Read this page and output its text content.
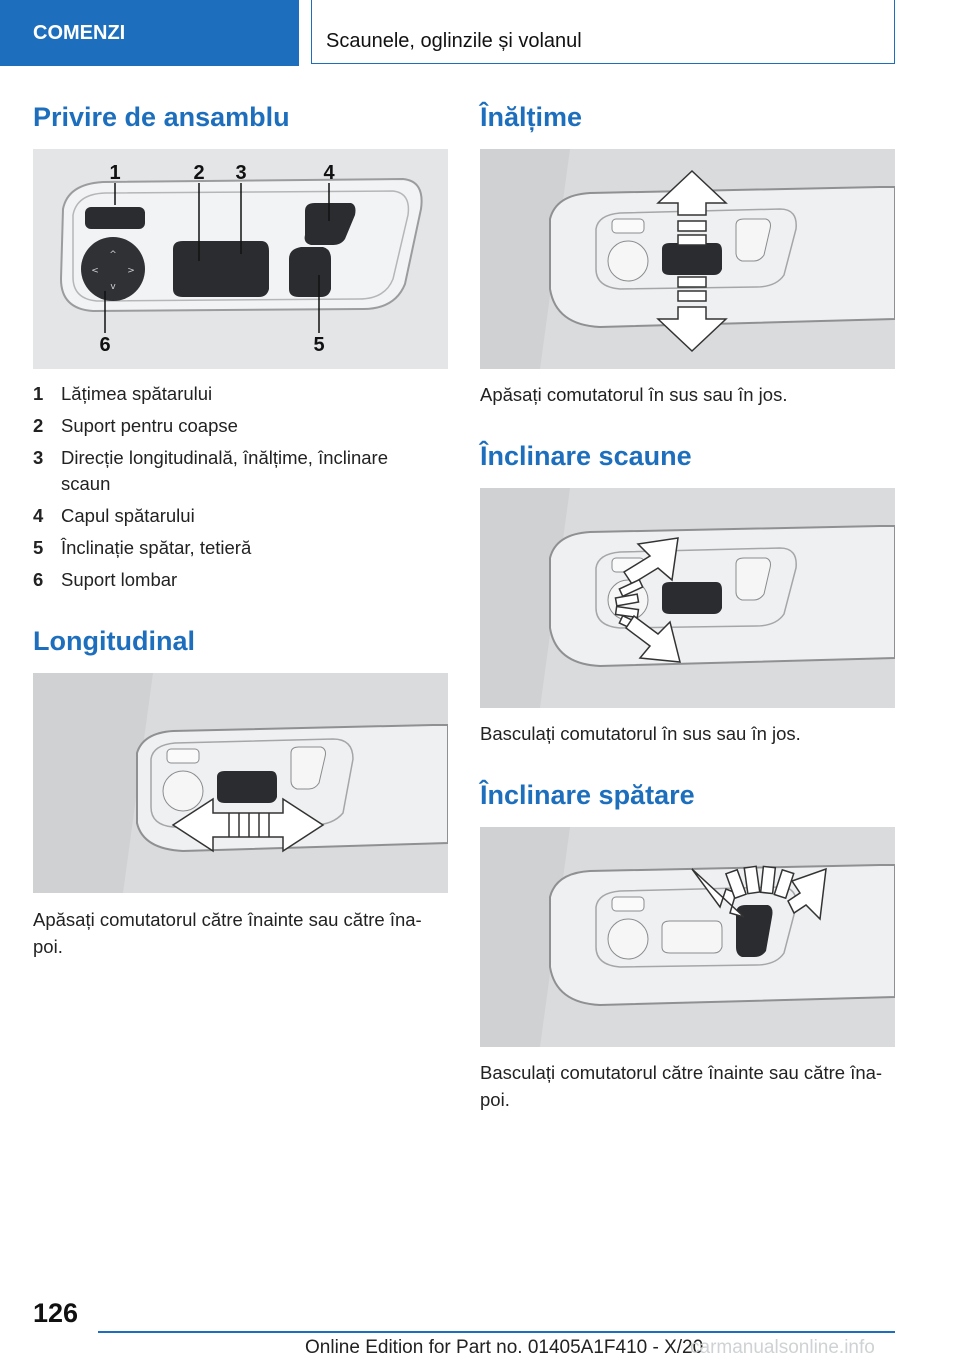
COMENZI	Scaunele, oglinzile și volanul
Privire de ansamblu
^
<	>
v
1	2 3	4
5
6
1 Lățimea spătarului
2 Suport pentru coapse
3 Direcție longitudinală, înălțime, înclinare scaun
4 Capul spătarului
5 Înclinație spătar, tetieră
6 Suport lombar
Longitudinal
Apăsați comutatorul către înainte sau către îna-poi.
Înălțime
Apăsați comutatorul în sus sau în jos.
Înclinare scaune
Basculați comutatorul în sus sau în jos.
Înclinare spătare
Basculați comutatorul către înainte sau către îna-poi.
126
Online Edition for Part no. 01405A1F410 - X/20
carmanualsonline.info
